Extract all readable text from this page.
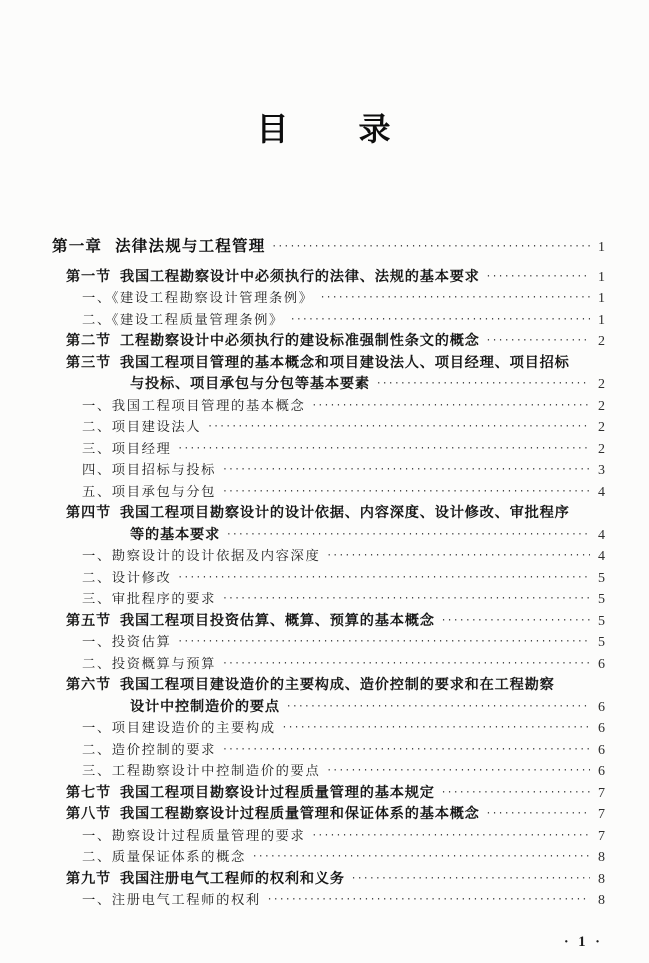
目　　录
第一章 法律法规与工程管理 ·····	1
第一节 我国工程勘察设计中必须执行的法律、法规的基本要求 ·····	1
一、《建设工程勘察设计管理条例》 ·····	1
二、《建设工程质量管理条例》 ·····	1
第二节 工程勘察设计中必须执行的建设标准强制性条文的概念 ·····	2
第三节 我国工程项目管理的基本概念和项目建设法人、项目经理、项目招标
与投标、项目承包与分包等基本要素 ·····	2
一、我国工程项目管理的基本概念 ·····	2
二、项目建设法人 ·····	2
三、项目经理 ·····	2
四、项目招标与投标 ·····	3
五、项目承包与分包 ·····	4
第四节 我国工程项目勘察设计的设计依据、内容深度、设计修改、审批程序
等的基本要求 ·····	4
一、勘察设计的设计依据及内容深度 ·····	4
二、设计修改 ·····	5
三、审批程序的要求 ·····	5
第五节 我国工程项目投资估算、概算、预算的基本概念 ·····	5
一、投资估算 ·····	5
二、投资概算与预算 ·····	6
第六节 我国工程项目建设造价的主要构成、造价控制的要求和在工程勘察
设计中控制造价的要点 ·····	6
一、项目建设造价的主要构成 ·····	6
二、造价控制的要求 ·····	6
三、工程勘察设计中控制造价的要点 ·····	6
第七节 我国工程项目勘察设计过程质量管理的基本规定 ·····	7
第八节 我国工程勘察设计过程质量管理和保证体系的基本概念 ·····	7
一、勘察设计过程质量管理的要求 ·····	7
二、质量保证体系的概念 ·····	8
第九节 我国注册电气工程师的权利和义务 ·····	8
一、注册电气工程师的权利 ·····	8

· 1 ·
